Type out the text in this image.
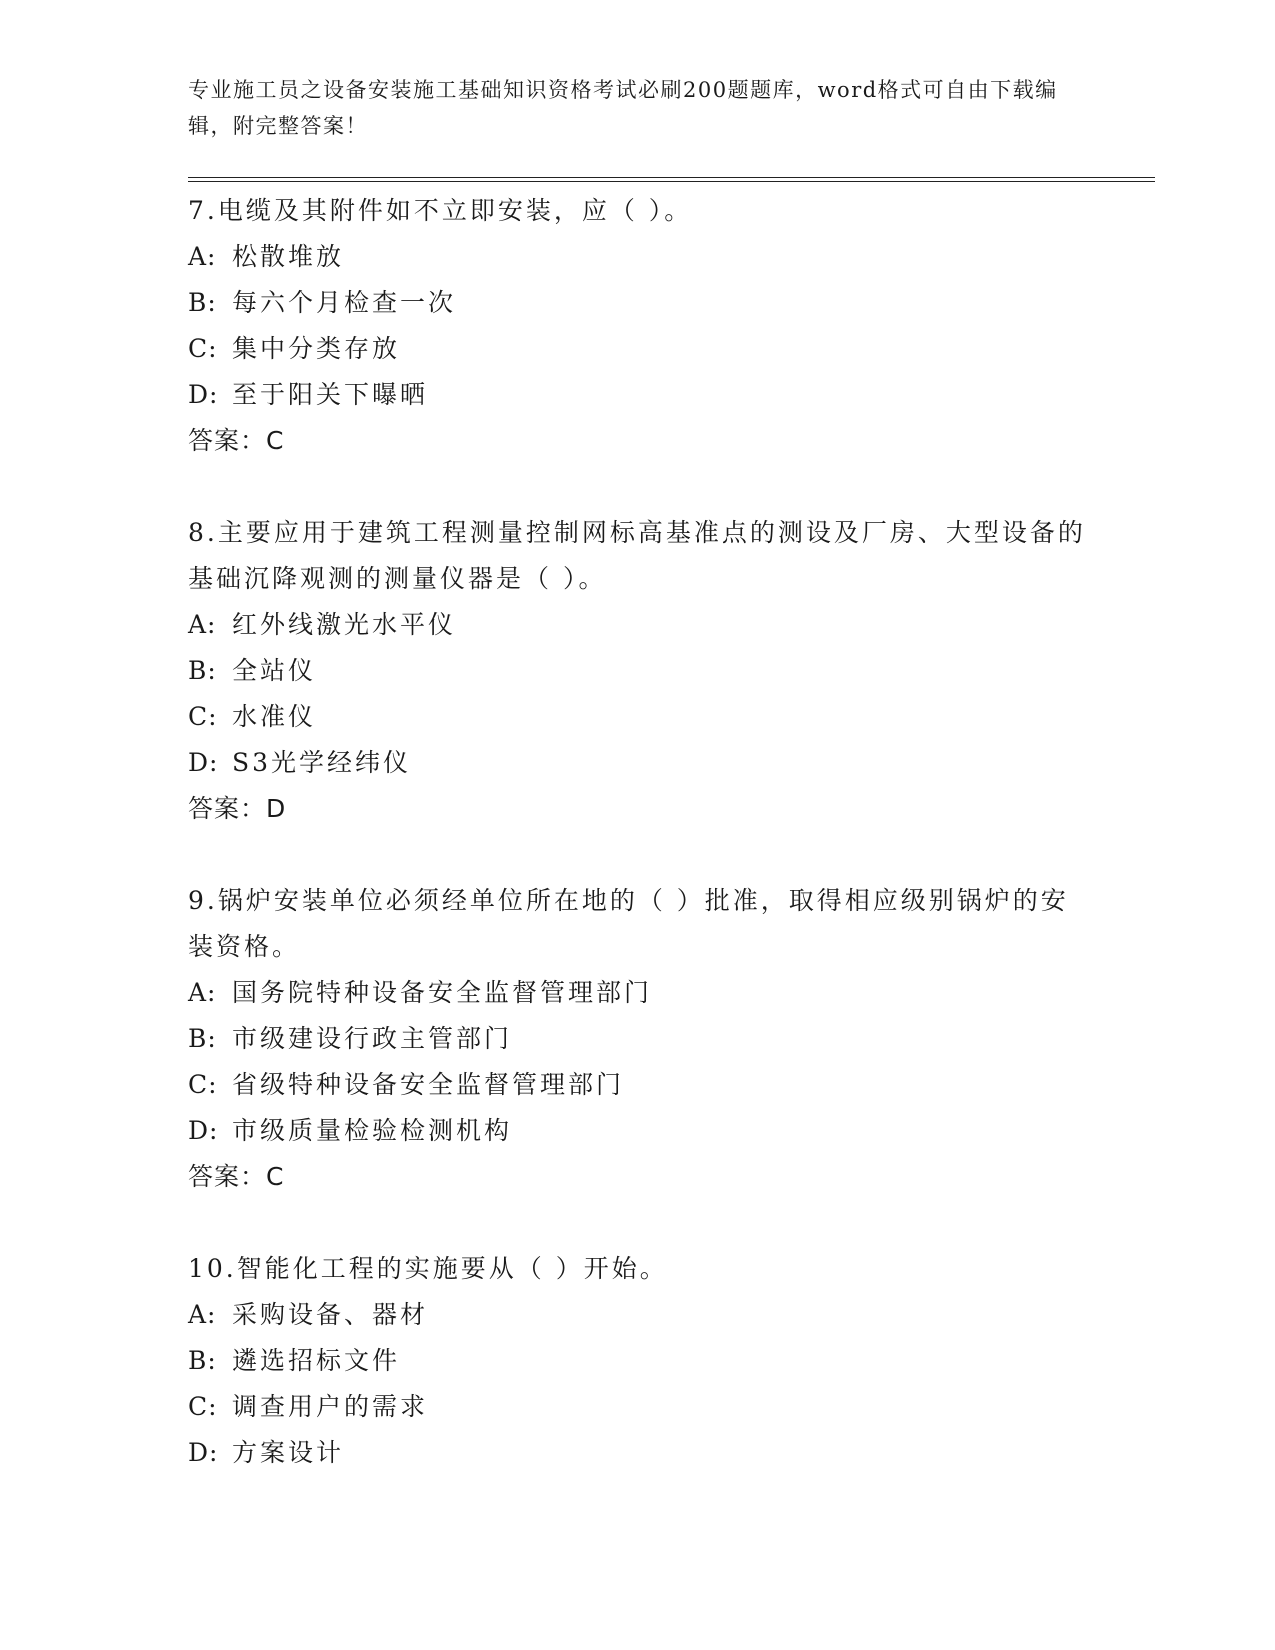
专业施工员之设备安装施工基础知识资格考试必刷200题题库，word格式可自由下载编辑，附完整答案！
7.电缆及其附件如不立即安装，应（ ）。
A: 松散堆放
B: 每六个月检查一次
C: 集中分类存放
D: 至于阳关下曝晒
答案：C
8.主要应用于建筑工程测量控制网标高基准点的测设及厂房、大型设备的基础沉降观测的测量仪器是（ ）。
A: 红外线激光水平仪
B: 全站仪
C: 水准仪
D: S3光学经纬仪
答案：D
9.锅炉安装单位必须经单位所在地的（ ）批准，取得相应级别锅炉的安装资格。
A: 国务院特种设备安全监督管理部门
B: 市级建设行政主管部门
C: 省级特种设备安全监督管理部门
D: 市级质量检验检测机构
答案：C
10.智能化工程的实施要从（ ）开始。
A: 采购设备、器材
B: 遴选招标文件
C: 调查用户的需求
D: 方案设计
